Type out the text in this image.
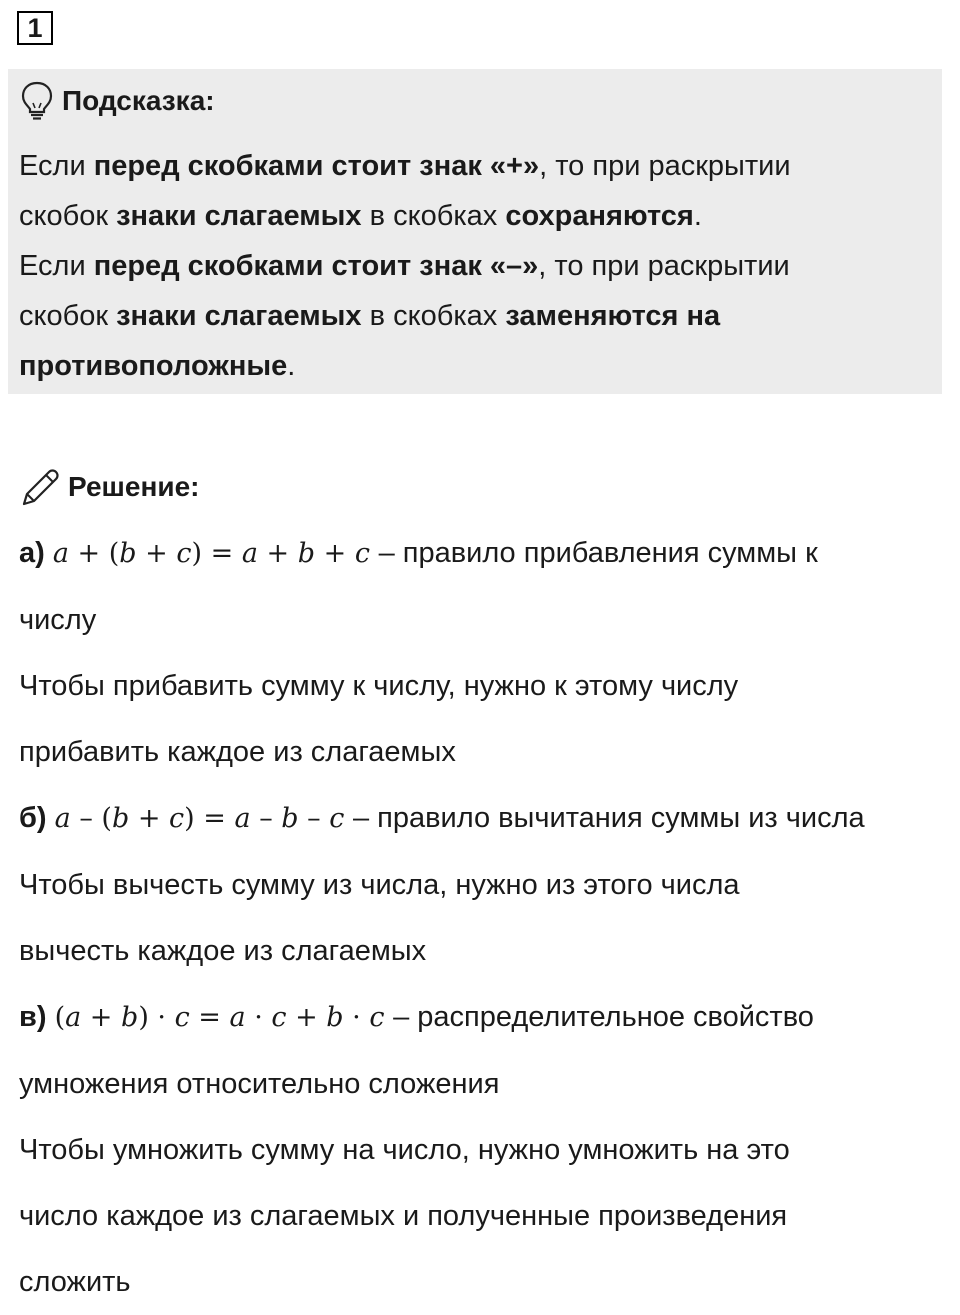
1
Подсказка:

Если перед скобками стоит знак «+», то при раскрытии

скобок знаки слагаемых в скобках сохраняются.

Если перед скобками стоит знак «–», то при раскрытии

скобок знаки слагаемых в скобках заменяются на

противоположные.

Решение:

а) a + (b + c) = a + b + c – правило прибавления суммы к

числу

Чтобы прибавить сумму к числу, нужно к этому числу

прибавить каждое из слагаемых

б) a – (b + c) = a – b – c – правило вычитания суммы из числа

Чтобы вычесть сумму из числа, нужно из этого числа

вычесть каждое из слагаемых

в) (a + b) · c = a · c + b · c – распределительное свойство

умножения относительно сложения

Чтобы умножить сумму на число, нужно умножить на это

число каждое из слагаемых и полученные произведения

сложить
